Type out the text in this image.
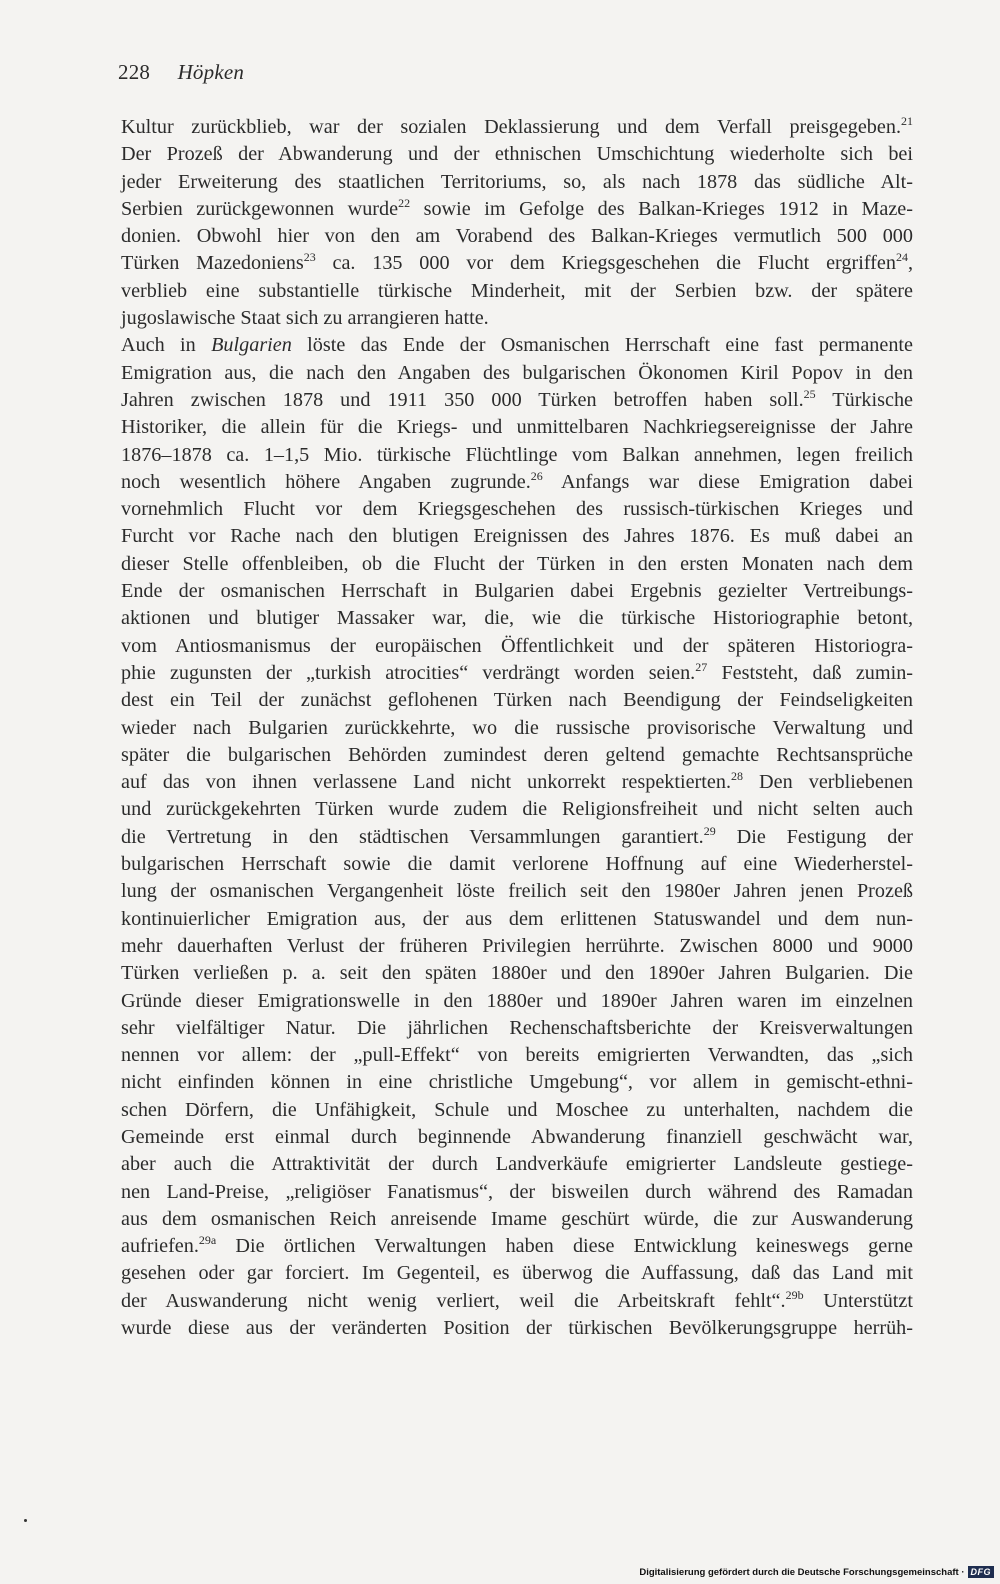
228 Höpken
Kultur zurückblieb, war der sozialen Deklassierung und dem Verfall preisgegeben.$^{21}$
Der Prozeß der Abwanderung und der ethnischen Umschichtung wiederholte sich bei
jeder Erweiterung des staatlichen Territoriums, so, als nach 1878 das südliche Alt-
Serbien zurückgewonnen wurde$^{22}$ sowie im Gefolge des Balkan-Krieges 1912 in Maze-
donien. Obwohl hier von den am Vorabend des Balkan-Krieges vermutlich 500 000
Türken Mazedoniens$^{23}$ ca. 135 000 vor dem Kriegsgeschehen die Flucht ergriffen$^{24}$,
verblieb eine substantielle türkische Minderheit, mit der Serbien bzw. der spätere
jugoslawische Staat sich zu arrangieren hatte.
Auch in Bulgarien löste das Ende der Osmanischen Herrschaft eine fast permanente
Emigration aus, die nach den Angaben des bulgarischen Ökonomen Kiril Popov in den
Jahren zwischen 1878 und 1911 350 000 Türken betroffen haben soll.$^{25}$ Türkische
Historiker, die allein für die Kriegs- und unmittelbaren Nachkriegsereignisse der Jahre
1876–1878 ca. 1–1,5 Mio. türkische Flüchtlinge vom Balkan annehmen, legen freilich
noch wesentlich höhere Angaben zugrunde.$^{26}$ Anfangs war diese Emigration dabei
vornehmlich Flucht vor dem Kriegsgeschehen des russisch-türkischen Krieges und
Furcht vor Rache nach den blutigen Ereignissen des Jahres 1876. Es muß dabei an
dieser Stelle offenbleiben, ob die Flucht der Türken in den ersten Monaten nach dem
Ende der osmanischen Herrschaft in Bulgarien dabei Ergebnis gezielter Vertreibungs-
aktionen und blutiger Massaker war, die, wie die türkische Historiographie betont,
vom Antiosmanismus der europäischen Öffentlichkeit und der späteren Historiogra-
phie zugunsten der „turkish atrocities“ verdrängt worden seien.$^{27}$ Feststeht, daß zumin-
dest ein Teil der zunächst geflohenen Türken nach Beendigung der Feindseligkeiten
wieder nach Bulgarien zurückkehrte, wo die russische provisorische Verwaltung und
später die bulgarischen Behörden zumindest deren geltend gemachte Rechtsansprüche
auf das von ihnen verlassene Land nicht unkorrekt respektierten.$^{28}$ Den verbliebenen
und zurückgekehrten Türken wurde zudem die Religionsfreiheit und nicht selten auch
die Vertretung in den städtischen Versammlungen garantiert.$^{29}$ Die Festigung der
bulgarischen Herrschaft sowie die damit verlorene Hoffnung auf eine Wiederherstel-
lung der osmanischen Vergangenheit löste freilich seit den 1980er Jahren jenen Prozeß
kontinuierlicher Emigration aus, der aus dem erlittenen Statuswandel und dem nun-
mehr dauerhaften Verlust der früheren Privilegien herrührte. Zwischen 8000 und 9000
Türken verließen p. a. seit den späten 1880er und den 1890er Jahren Bulgarien. Die
Gründe dieser Emigrationswelle in den 1880er und 1890er Jahren waren im einzelnen
sehr vielfältiger Natur. Die jährlichen Rechenschaftsberichte der Kreisverwaltungen
nennen vor allem: der „pull-Effekt“ von bereits emigrierten Verwandten, das „sich
nicht einfinden können in eine christliche Umgebung“, vor allem in gemischt-ethni-
schen Dörfern, die Unfähigkeit, Schule und Moschee zu unterhalten, nachdem die
Gemeinde erst einmal durch beginnende Abwanderung finanziell geschwächt war,
aber auch die Attraktivität der durch Landverkäufe emigrierter Landsleute gestiege-
nen Land-Preise, „religiöser Fanatismus“, der bisweilen durch während des Ramadan
aus dem osmanischen Reich anreisende Imame geschürt würde, die zur Auswanderung
aufriefen.$^{29a}$ Die örtlichen Verwaltungen haben diese Entwicklung keineswegs gerne
gesehen oder gar forciert. Im Gegenteil, es überwog die Auffassung, daß das Land mit
der Auswanderung nicht wenig verliert, weil die Arbeitskraft fehlt“.$^{29b}$ Unterstützt
wurde diese aus der veränderten Position der türkischen Bevölkerungsgruppe herrüh-
Digitalisierung gefördert durch die Deutsche Forschungsgemeinschaft · DFG
